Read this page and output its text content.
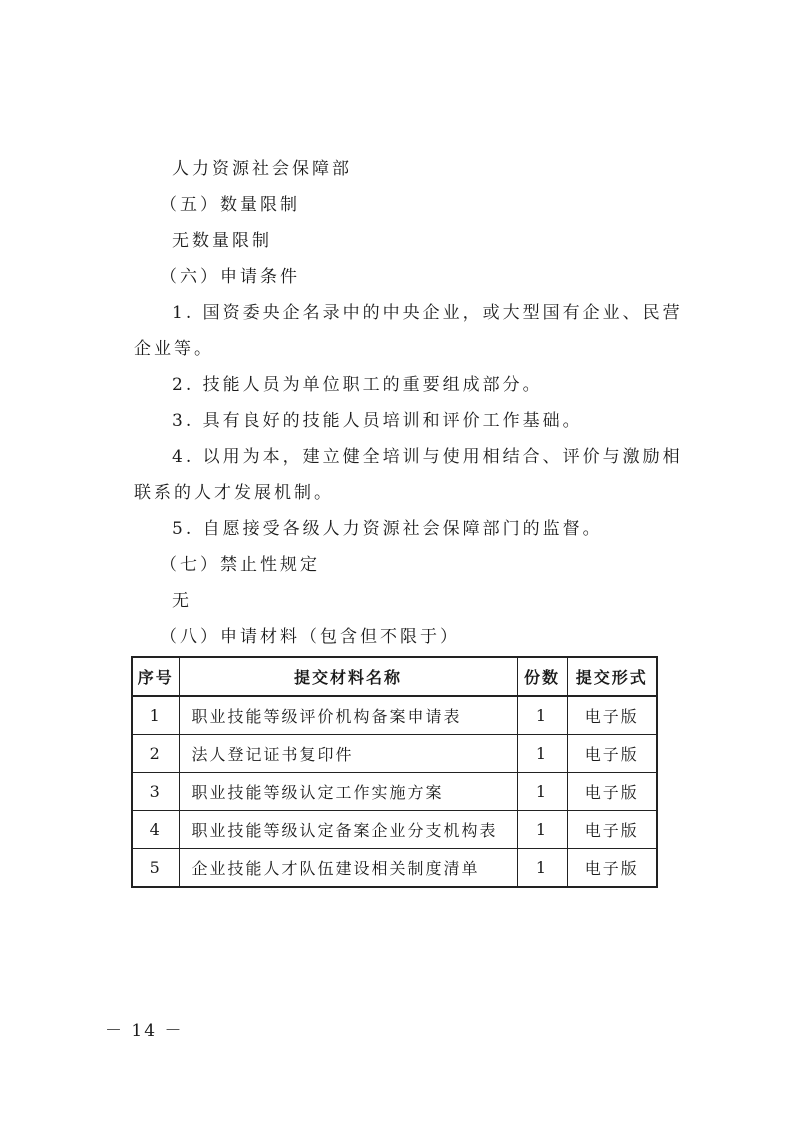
人力资源社会保障部
（五）数量限制
无数量限制
（六）申请条件
1. 国资委央企名录中的中央企业，或大型国有企业、民营
企业等。
2. 技能人员为单位职工的重要组成部分。
3. 具有良好的技能人员培训和评价工作基础。
4. 以用为本，建立健全培训与使用相结合、评价与激励相
联系的人才发展机制。
5. 自愿接受各级人力资源社会保障部门的监督。
（七）禁止性规定
无
（八）申请材料（包含但不限于）
序号	提交材料名称	份数	提交形式
1	职业技能等级评价机构备案申请表	1	电子版
2	法人登记证书复印件	1	电子版
3	职业技能等级认定工作实施方案	1	电子版
4	职业技能等级认定备案企业分支机构表	1	电子版
5	企业技能人才队伍建设相关制度清单	1	电子版
－ 14 －
